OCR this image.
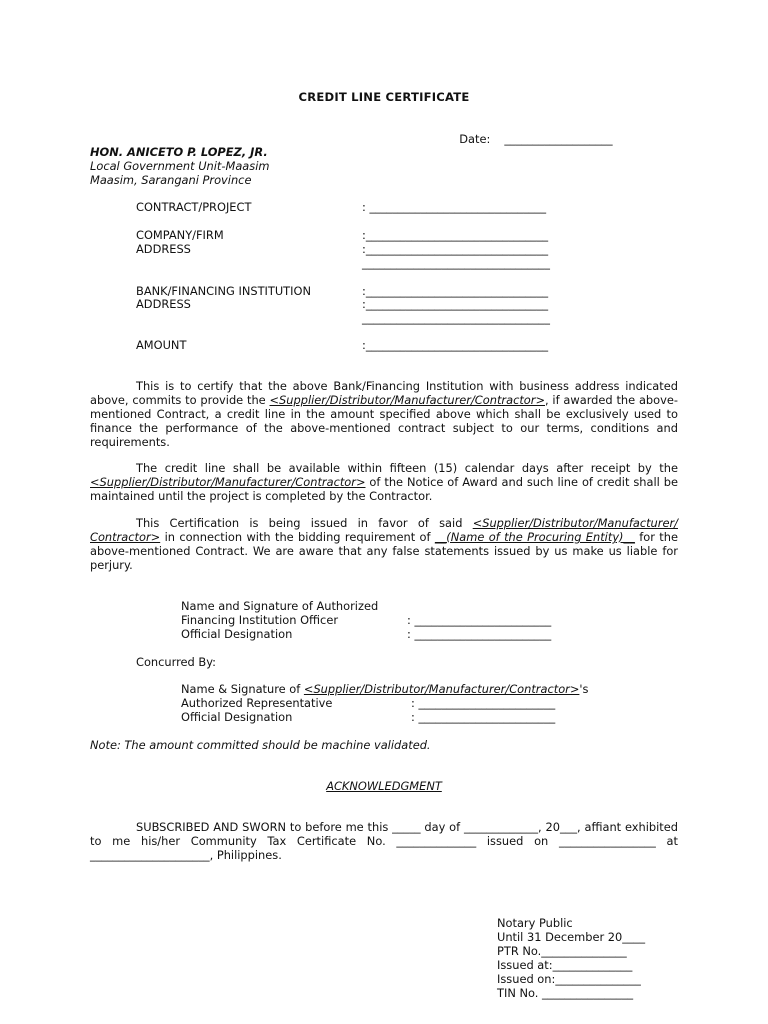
CREDIT LINE CERTIFICATE

Date: ___________________

HON. ANICETO P. LOPEZ, JR.
Local Government Unit-Maasim
Maasim, Sarangani Province
CONTRACT/PROJECT	: _______________________________
COMPANY/FIRM	:________________________________
ADDRESS	:________________________________
_________________________________
BANK/FINANCING INSTITUTION	:________________________________
ADDRESS	:________________________________
_________________________________
AMOUNT	:________________________________
This is to certify that the above Bank/Financing Institution with business address indicated above, commits to provide the <Supplier/Distributor/Manufacturer/Contractor>, if awarded the above-mentioned Contract, a credit line in the amount specified above which shall be exclusively used to finance the performance of the above-mentioned contract subject to our terms, conditions and requirements.
The credit line shall be available within fifteen (15) calendar days after receipt by the <Supplier/Distributor/Manufacturer/Contractor> of the Notice of Award and such line of credit shall be maintained until the project is completed by the Contractor.
This Certification is being issued in favor of said <Supplier/Distributor/Manufacturer/ Contractor> in connection with the bidding requirement of __(Name of the Procuring Entity)__ for the above-mentioned Contract. We are aware that any false statements issued by us make us liable for perjury.
Name and Signature of Authorized
Financing Institution Officer	: ________________________
Official Designation	: ________________________
Concurred By:
Name & Signature of <Supplier/Distributor/Manufacturer/Contractor>'s
Authorized Representative	: ________________________
Official Designation	: ________________________
Note: The amount committed should be machine validated.
ACKNOWLEDGMENT
SUBSCRIBED AND SWORN to before me this _____ day of _____________, 20___, affiant exhibited to me his/her Community Tax Certificate No. ______________ issued on _________________ at _____________________, Philippines.
Notary Public
Until 31 December 20____
PTR No._______________
Issued at:______________
Issued on:_______________
TIN No. ________________
